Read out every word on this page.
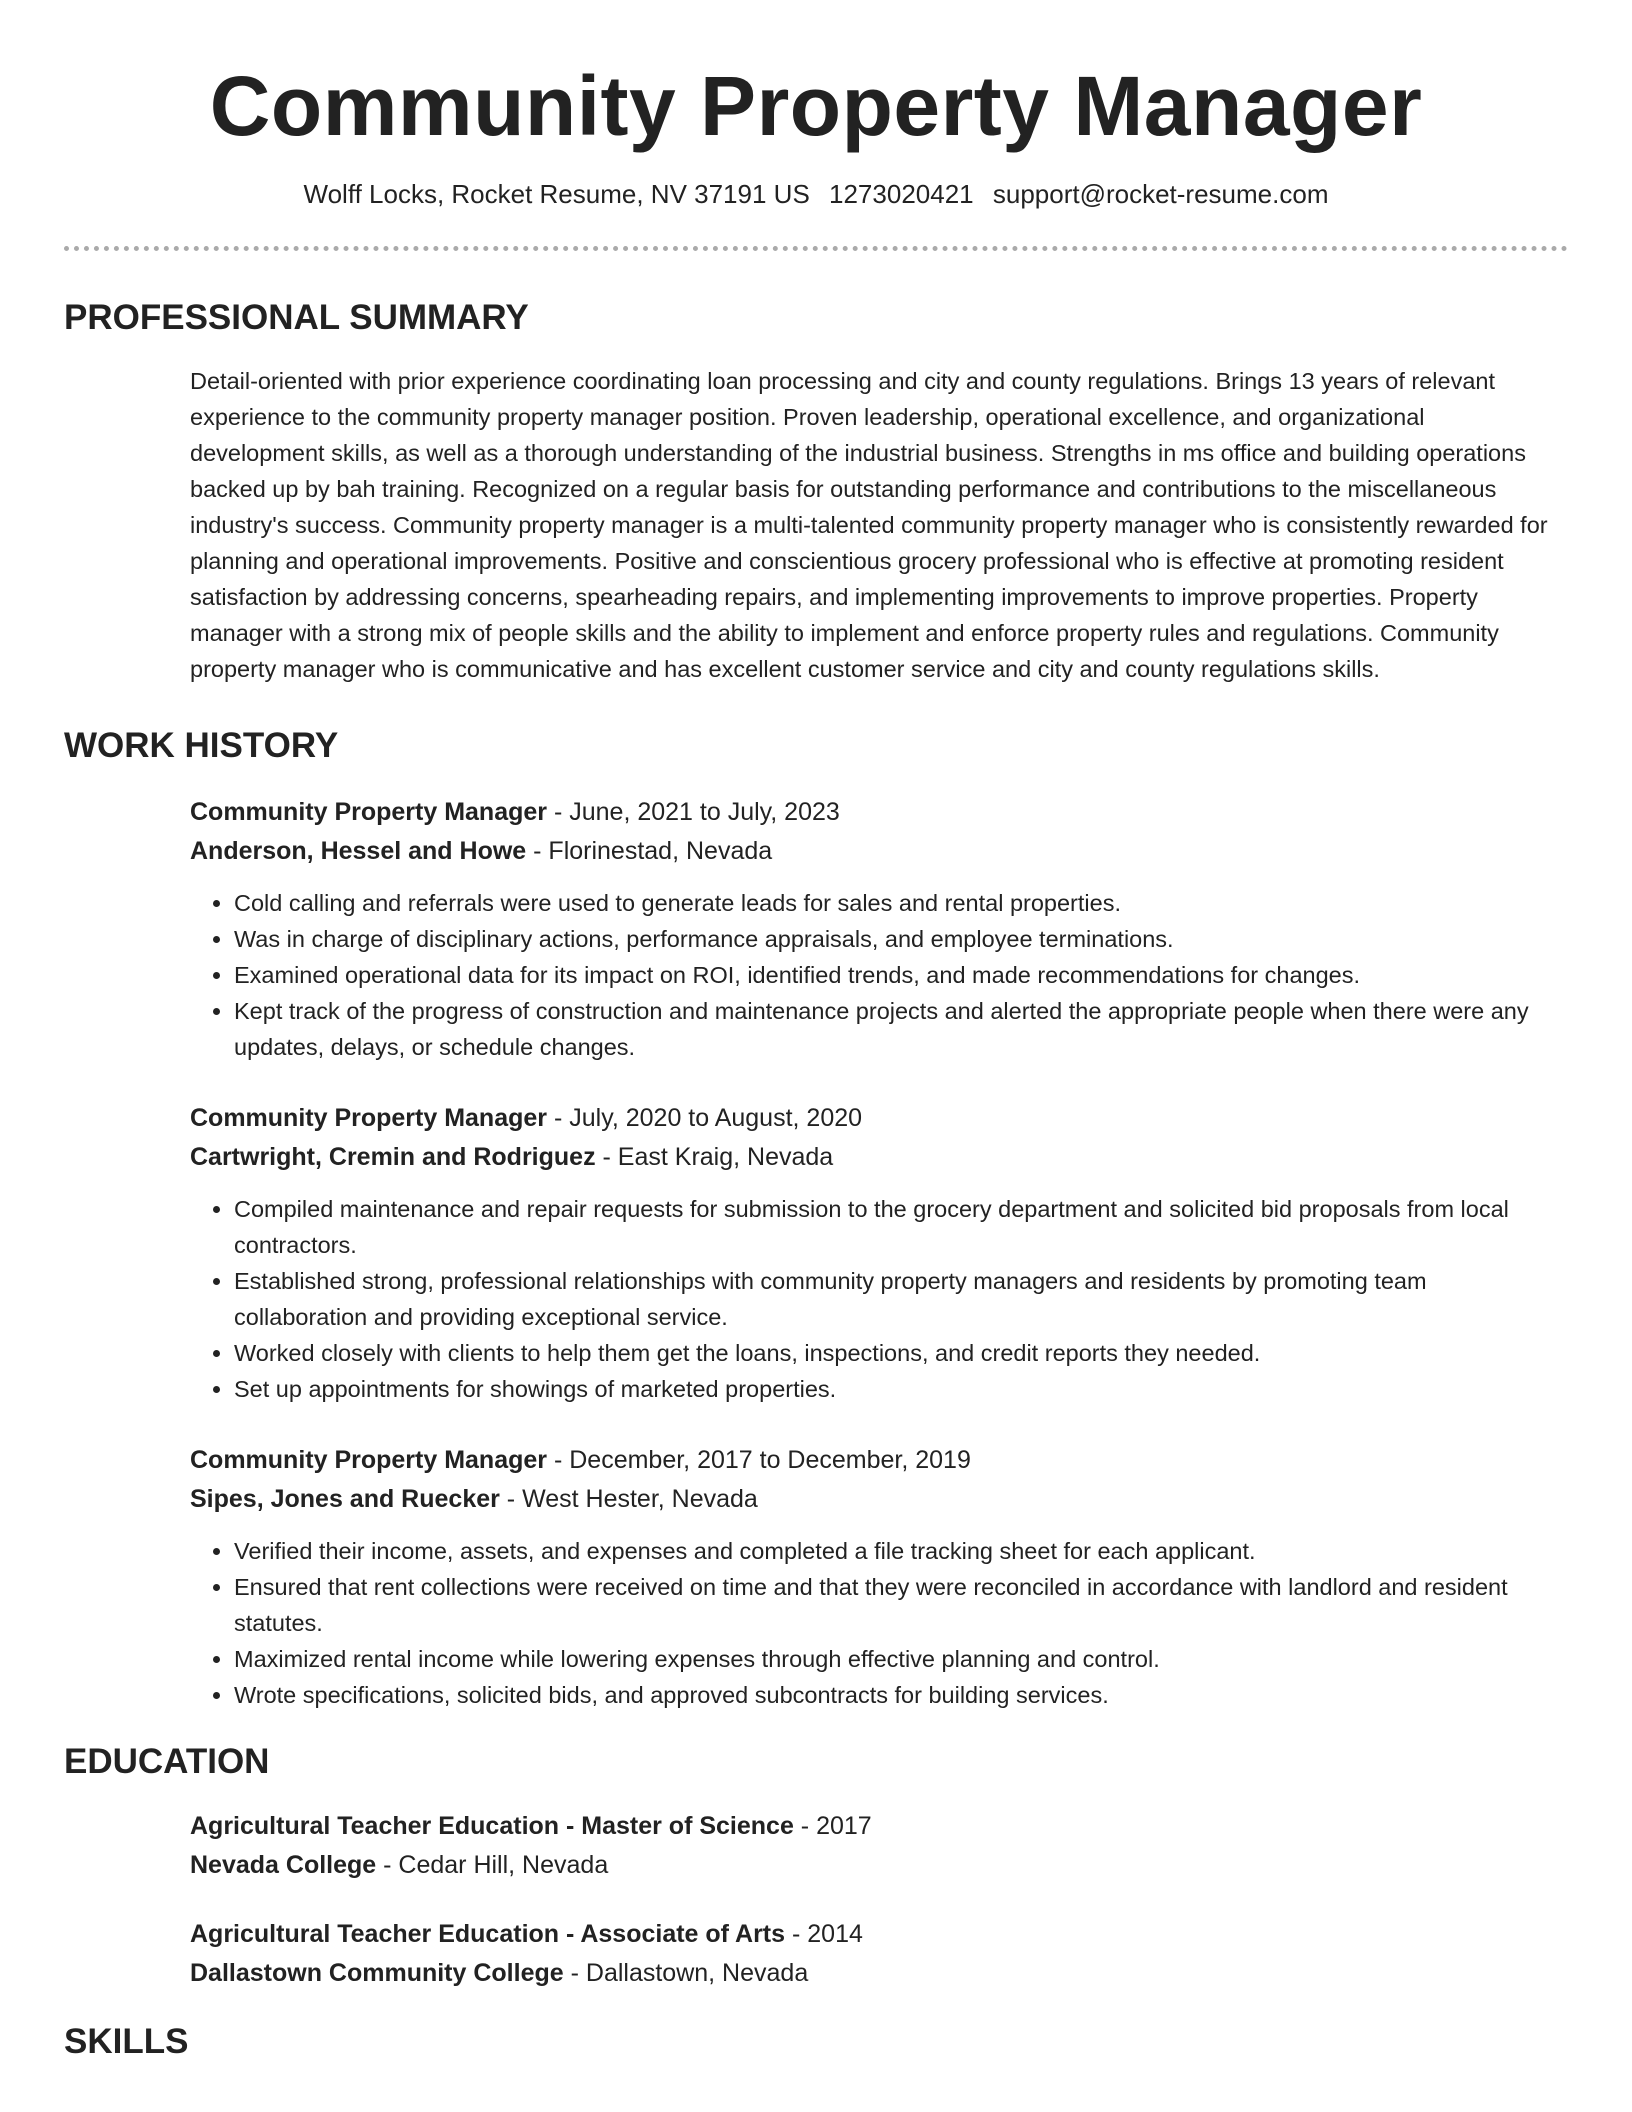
Community Property Manager
Wolff Locks, Rocket Resume, NV 37191 US 1273020421 support@rocket-resume.com
PROFESSIONAL SUMMARY
Detail-oriented with prior experience coordinating loan processing and city and county regulations. Brings 13 years of relevant experience to the community property manager position. Proven leadership, operational excellence, and organizational development skills, as well as a thorough understanding of the industrial business. Strengths in ms office and building operations backed up by bah training. Recognized on a regular basis for outstanding performance and contributions to the miscellaneous industry's success. Community property manager is a multi-talented community property manager who is consistently rewarded for planning and operational improvements. Positive and conscientious grocery professional who is effective at promoting resident satisfaction by addressing concerns, spearheading repairs, and implementing improvements to improve properties. Property manager with a strong mix of people skills and the ability to implement and enforce property rules and regulations. Community property manager who is communicative and has excellent customer service and city and county regulations skills.
WORK HISTORY
Community Property Manager - June, 2021 to July, 2023
Anderson, Hessel and Howe - Florinestad, Nevada
• Cold calling and referrals were used to generate leads for sales and rental properties.
• Was in charge of disciplinary actions, performance appraisals, and employee terminations.
• Examined operational data for its impact on ROI, identified trends, and made recommendations for changes.
• Kept track of the progress of construction and maintenance projects and alerted the appropriate people when there were any updates, delays, or schedule changes.
Community Property Manager - July, 2020 to August, 2020
Cartwright, Cremin and Rodriguez - East Kraig, Nevada
• Compiled maintenance and repair requests for submission to the grocery department and solicited bid proposals from local contractors.
• Established strong, professional relationships with community property managers and residents by promoting team collaboration and providing exceptional service.
• Worked closely with clients to help them get the loans, inspections, and credit reports they needed.
• Set up appointments for showings of marketed properties.
Community Property Manager - December, 2017 to December, 2019
Sipes, Jones and Ruecker - West Hester, Nevada
• Verified their income, assets, and expenses and completed a file tracking sheet for each applicant.
• Ensured that rent collections were received on time and that they were reconciled in accordance with landlord and resident statutes.
• Maximized rental income while lowering expenses through effective planning and control.
• Wrote specifications, solicited bids, and approved subcontracts for building services.
EDUCATION
Agricultural Teacher Education - Master of Science - 2017
Nevada College - Cedar Hill, Nevada
Agricultural Teacher Education - Associate of Arts - 2014
Dallastown Community College - Dallastown, Nevada
SKILLS
